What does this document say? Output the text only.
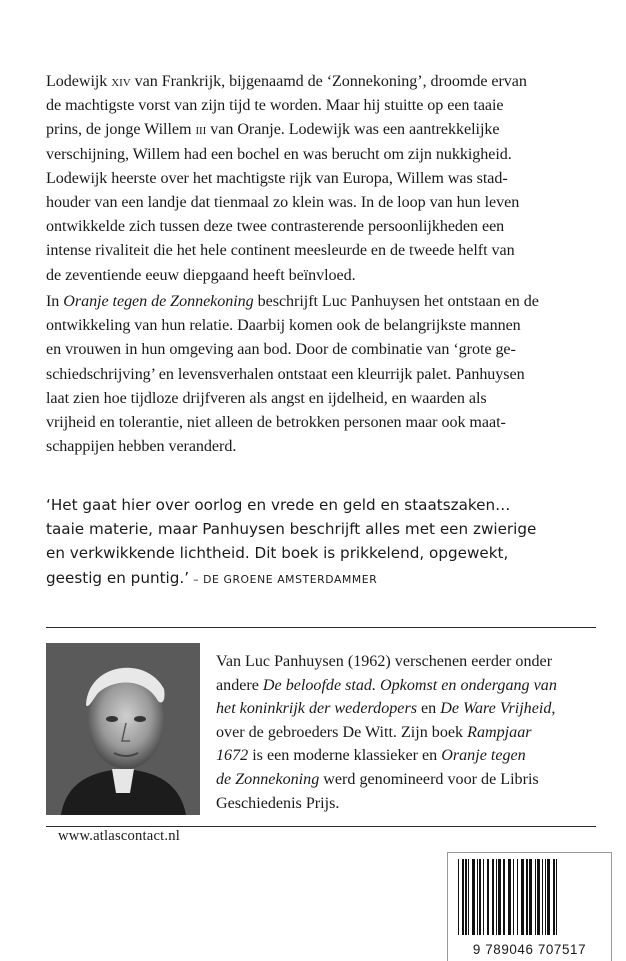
Lodewijk xiv van Frankrijk, bijgenaamd de ‘Zonnekoning’, droomde ervan
de machtigste vorst van zijn tijd te worden. Maar hij stuitte op een taaie
prins, de jonge Willem iii van Oranje. Lodewijk was een aantrekkelijke
verschijning, Willem had een bochel en was berucht om zijn nukkigheid.
Lodewijk heerste over het machtigste rijk van Europa, Willem was stad-
houder van een landje dat tienmaal zo klein was. In de loop van hun leven
ontwikkelde zich tussen deze twee contrasterende persoonlijkheden een
intense rivaliteit die het hele continent meesleurde en de tweede helft van
de zeventiende eeuw diepgaand heeft beïnvloed.
In Oranje tegen de Zonnekoning beschrijft Luc Panhuysen het ontstaan en de
ontwikkeling van hun relatie. Daarbij komen ook de belangrijkste mannen
en vrouwen in hun omgeving aan bod. Door de combinatie van ‘grote ge-
schiedschrijving’ en levensverhalen ontstaat een kleurrijk palet. Panhuysen
laat zien hoe tijdloze drijfveren als angst en ijdelheid, en waarden als
vrijheid en tolerantie, niet alleen de betrokken personen maar ook maat-
schappijen hebben veranderd.
‘Het gaat hier over oorlog en vrede en geld en staatszaken…
taaie materie, maar Panhuysen beschrijft alles met een zwierige
en verkwikkende lichtheid. Dit boek is prikkelend, opgewekt,
geestig en puntig.’ – DE GROENE AMSTERDAMMER
Van Luc Panhuysen (1962) verschenen eerder onder
andere De beloofde stad. Opkomst en ondergang van
het koninkrijk der wederdopers en De Ware Vrijheid,
over de gebroeders De Witt. Zijn boek Rampjaar
1672 is een moderne klassieker en Oranje tegen
de Zonnekoning werd genomineerd voor de Libris
Geschiedenis Prijs.
www.atlascontact.nl
9 789046 707517
